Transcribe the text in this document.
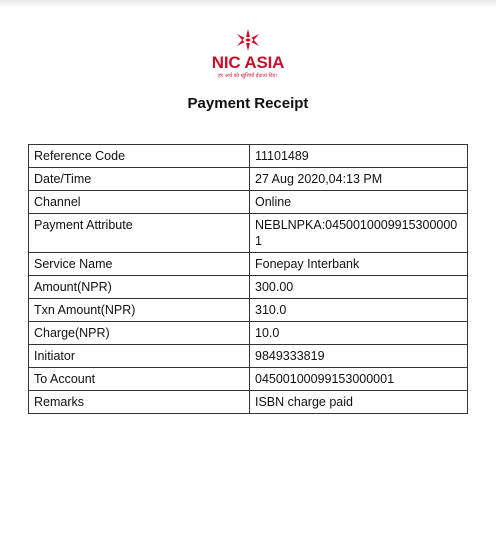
NIC ASIA
हर अर्थ को खुशियाँ ईदाता दिए।
Payment Receipt
Reference Code	11101489
Date/Time	27 Aug 2020,04:13 PM
Channel	Online
Payment Attribute	NEBLNPKA:04500100099153000001
Service Name	Fonepay Interbank
Amount(NPR)	300.00
Txn Amount(NPR)	310.0
Charge(NPR)	10.0
Initiator	9849333819
To Account	04500100099153000001
Remarks	ISBN charge paid
